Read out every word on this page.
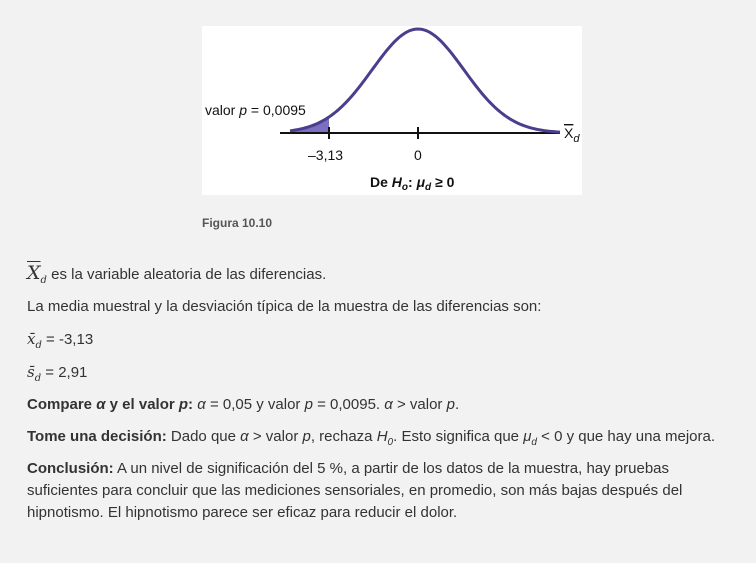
valor p = 0,0095
–3,13	0
$X_d$
De $H_o$: $\mu_d \ge 0$
Figura 10.10

$\overline{X}_d$ es la variable aleatoria de las diferencias.

La media muestral y la desviación típica de la muestra de las diferencias son:

$x̄_d = -3,13$

$s̄_d = 2,91$

Compare α y el valor p: α = 0,05 y valor p = 0,0095. α > valor p.

Tome una decisión: Dado que α > valor p, rechaza $H_0$. Esto significa que $\mu_d < 0$ y que hay una mejora.

Conclusión: A un nivel de significación del 5 %, a partir de los datos de la muestra, hay pruebas suficientes para concluir que las mediciones sensoriales, en promedio, son más bajas después del hipnotismo. El hipnotismo parece ser eficaz para reducir el dolor.
